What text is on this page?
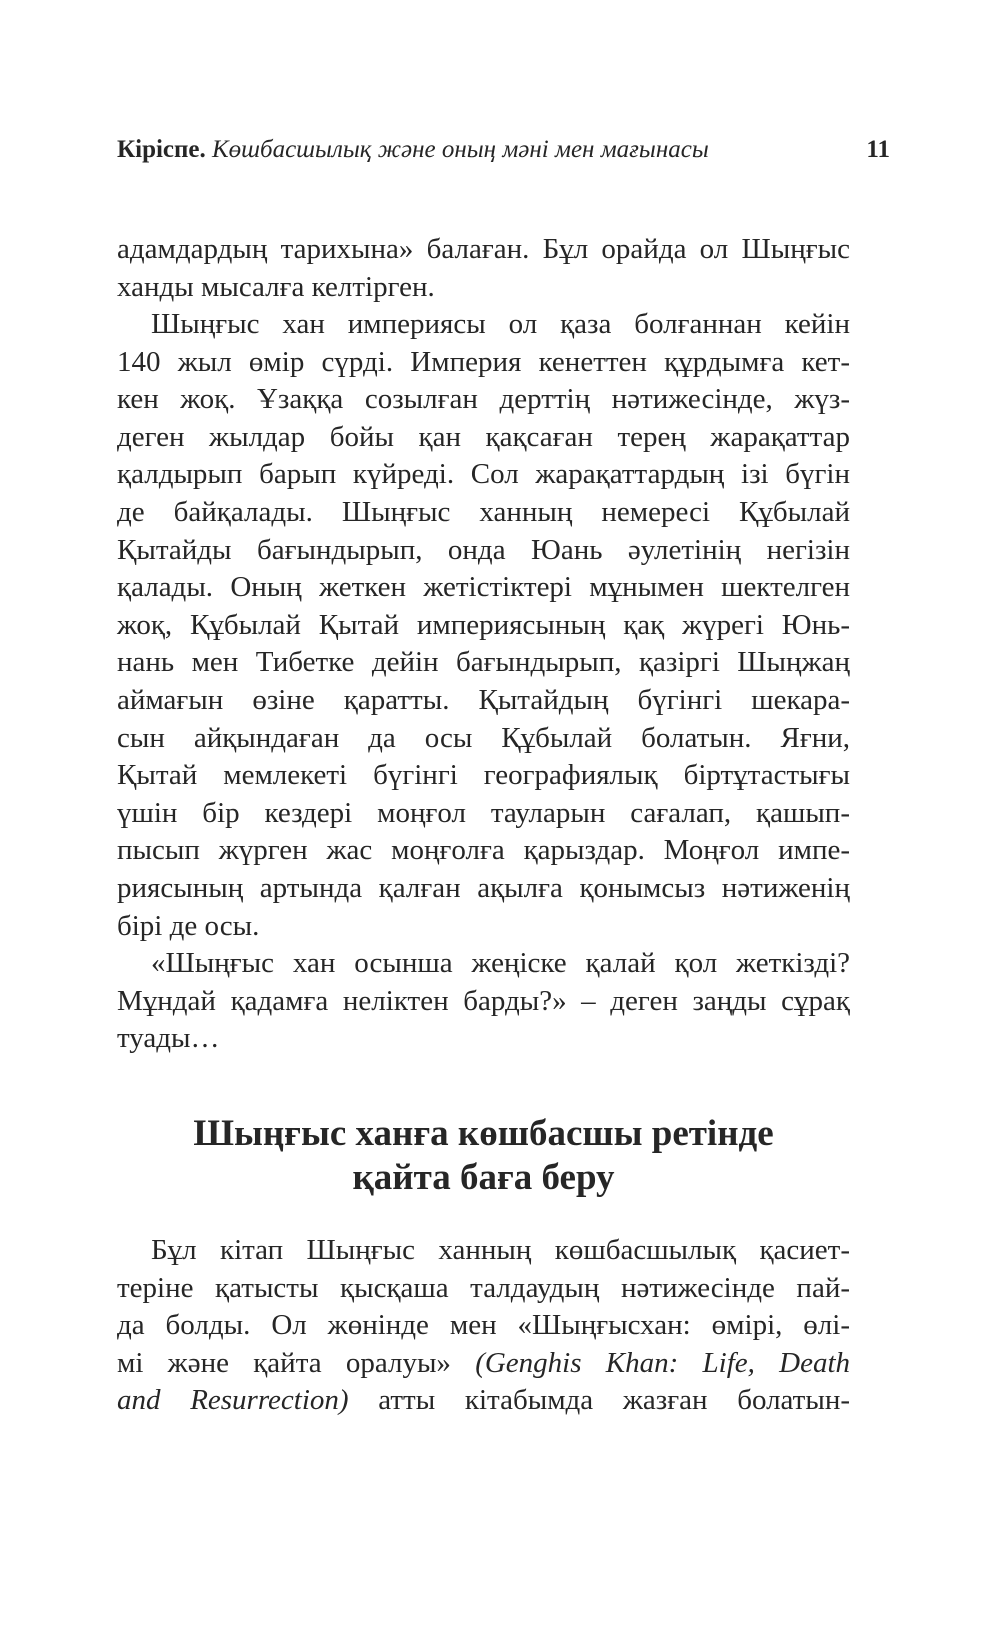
Кіріспе. Көшбасшылық және оның мәні мен мағынасы	11
адамдардың тарихына» балаған. Бұл орайда ол Шыңғыс
ханды мысалға келтірген.
Шыңғыс хан империясы ол қаза болғаннан кейін
140 жыл өмір сүрді. Империя кенеттен құрдымға кет-
кен жоқ. Ұзаққа созылған дерттің нәтижесінде, жүз-
деген жылдар бойы қан қақсаған терең жарақаттар
қалдырып барып күйреді. Сол жарақаттардың ізі бүгін
де байқалады. Шыңғыс ханның немересі Құбылай
Қытайды бағындырып, онда Юань әулетінің негізін
қалады. Оның жеткен жетістіктері мұнымен шектелген
жоқ, Құбылай Қытай империясының қақ жүрегі Юнь-
нань мен Тибетке дейін бағындырып, қазіргі Шыңжаң
аймағын өзіне қаратты. Қытайдың бүгінгі шекара-
сын айқындаған да осы Құбылай болатын. Яғни,
Қытай мемлекеті бүгінгі географиялық біртұтастығы
үшін бір кездері моңғол тауларын сағалап, қашып-
пысып жүрген жас моңғолға қарыздар. Моңғол импе-
риясының артында қалған ақылға қонымсыз нәтиженің
бірі де осы.
«Шыңғыс хан осынша жеңіске қалай қол жеткізді?
Мұндай қадамға неліктен барды?» – деген заңды сұрақ
туады…
Шыңғыс ханға көшбасшы ретінде
қайта баға беру
Бұл кітап Шыңғыс ханның көшбасшылық қасиет-
теріне қатысты қысқаша талдаудың нәтижесінде пай-
да болды. Ол жөнінде мен «Шыңғысхан: өмірі, өлі-
мі және қайта оралуы» (Genghis Khan: Life, Death
and Resurrection) атты кітабымда жазған болатын-
